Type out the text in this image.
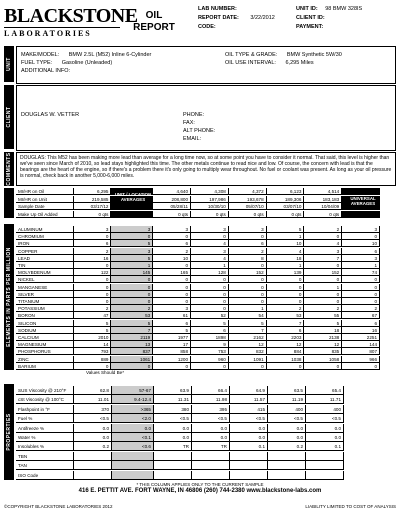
BLACKSTONE
LABORATORIES
OIL
REPORT
LAB NUMBER:
REPORT DATE: 3/22/2012
CODE:
UNIT ID: 98 BMW 328IS
CLIENT ID:
PAYMENT:
UNIT
MAKE/MODEL: BMW 2.5L (M52) Inline 6-Cylinder
FUEL TYPE: Gasoline (Unleaded)
ADDITIONAL INFO:
OIL TYPE & GRADE: BMW Synthetic 5W/30
OIL USE INTERVAL: 6,295 Miles
CLIENT DOUGLAS W. VETTER	PHONE:
FAX:
ALT PHONE:
EMAIL:
COMMENTS DOUGLAS: This M52 has been making more lead than average for a long time now, so at some point you have to consider it normal. That said, this level is higher than we've seen since March of 2010, so lead stays highlighted this time. The other metals continue to read nice and low. Of course, the concern with lead is that the bearings are the heart of the engine, so if there's a problem there it's only going to multiply wear throughout. No fuel or coolant was present. As long as your oil pressure is normal, check back in another 5,000-6,000 miles.
MI/HR on Oil	6,295	4,640	4,308	4,372	6,123	4,514
MI/HR on Unit	219,585	208,800	197,986	193,678	189,306	183,183
Sample Date	03/17/12	05/28/11	10/30/10	05/07/10	03/07/10	10/04/09
Make Up Oil Added	0 qts	0 qts	0 qts	0 qts	0 qts	0 qts
UNIT / LOCATION AVERAGES	UNIVERSAL AVERAGES
ELEMENTS IN PARTS PER MILLION
ALUMINUM	3	3	3	3	3	5	2	3
CHROMIUM	0	0	0	0	0	1	0	0
IRON	6	5	6	4	6	10	4	10
COPPER	2	3	2	3	2	4	3	6
LEAD	16	5	10	4	8	18	7	3
TIN	0	1	0	1	0	1	0	1
MOLYBDENUM	122	145	165	128	152	139	152	74
NICKEL	0	0	0	0	0	0	0	0
MANGANESE	0	0	0	0	0	0	1	0
SILVER	0	0	0	0	0	0	0	0
TITANIUM	0	0	0	0	0	0	0	0
POTASSIUM	2	2	3	0	1	2	2	2
BORON	47	53	61	52	54	53	55	67
SILICON	5	5	6	5	5	7	5	6
SODIUM	5	7	5	6	7	6	18	16
CALCIUM	2010	2119	1977	1898	2162	2203	2138	2251
MAGNESIUM	14	13	17	9	12	12	12	144
PHOSPHORUS	793	837	858	753	832	884	835	807
ZINC	889	1061	1200	960	1091	1038	1058	966
BARIUM	0	0	0	0	0	0	0	0
Values Should Be*
PROPERTIES
SUS Viscosity @ 210°F	62.8	57-67	63.9	66.4	64.9	63.5	65.4
cSt Viscosity @ 100°C	11.01	9.4-12.4	11.31	11.98	11.57	11.19	11.71
Flashpoint in °F	370	>365	380	395	415	400	400
Fuel %	<0.5	<2.0	<0.5	<0.5	<0.5	<0.5	<0.5
Antifreeze %	0.0	0.0	0.0	0.0	0.0	0.0	0.0
Water %	0.0	<0.1	0.0	0.0	0.0	0.0	0.0
Insolubles %	0.2	<0.6	TR	TR	0.1	0.2	0.1
TBN
TAN
ISO Code
* THIS COLUMN APPLIES ONLY TO THE CURRENT SAMPLE
416 E. PETTIT AVE. FORT WAYNE, IN 46806 (260) 744-2380 www.blackstone-labs.com
©COPYRIGHT BLACKSTONE LABORATORIES 2012	LIABILITY LIMITED TO COST OF ANALYSIS
